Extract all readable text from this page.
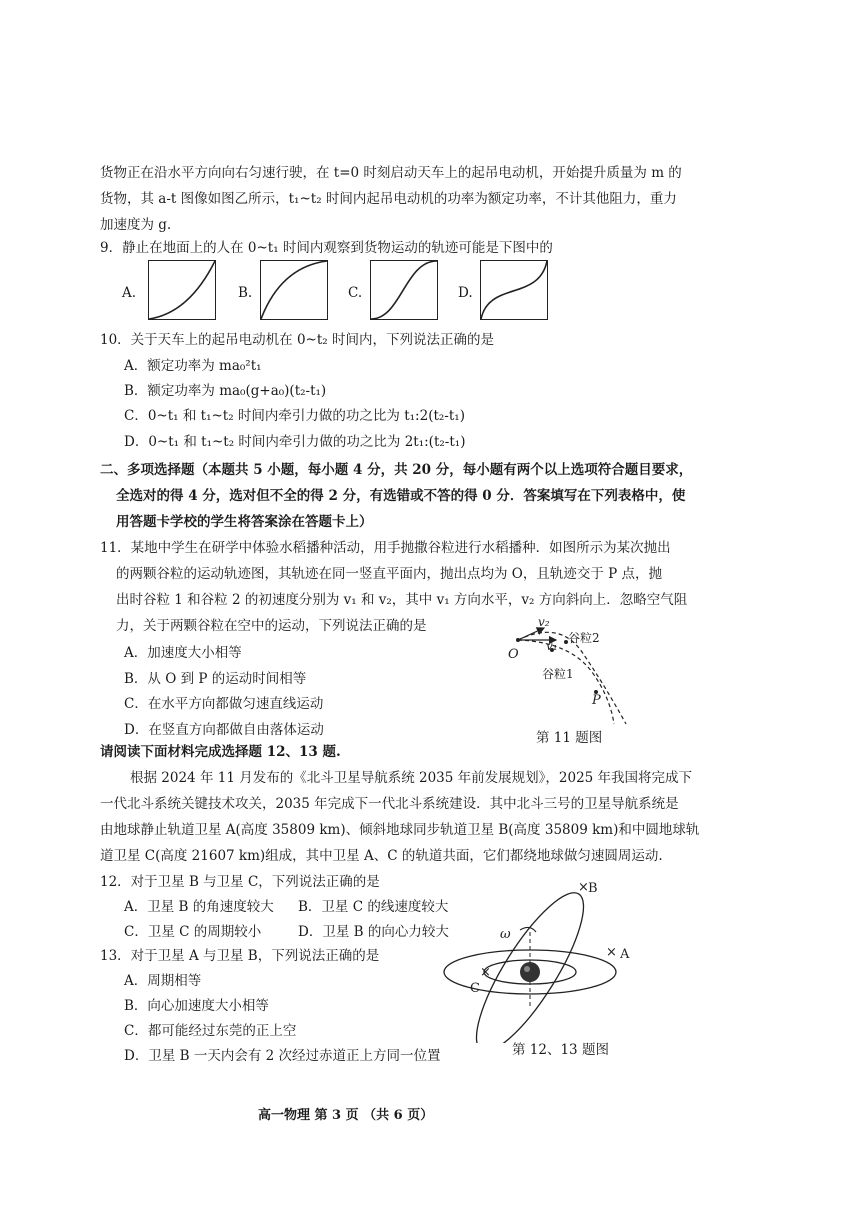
货物正在沿水平方向向右匀速行驶，在 t=0 时刻启动天车上的起吊电动机，开始提升质量为 m 的
货物，其 a-t 图像如图乙所示，t₁~t₂ 时间内起吊电动机的功率为额定功率，不计其他阻力，重力
加速度为 g.
9．静止在地面上的人在 0~t₁ 时间内观察到货物运动的轨迹可能是下图中的
A.	B.	C.	D.
10．关于天车上的起吊电动机在 0~t₂ 时间内，下列说法正确的是
A．额定功率为 ma₀²t₁
B．额定功率为 ma₀(g+a₀)(t₂-t₁)
C．0~t₁ 和 t₁~t₂ 时间内牵引力做的功之比为 t₁:2(t₂-t₁)
D．0~t₁ 和 t₁~t₂ 时间内牵引力做的功之比为 2t₁:(t₂-t₁)
二、多项选择题（本题共 5 小题，每小题 4 分，共 20 分，每小题有两个以上选项符合题目要求，
全选对的得 4 分，选对但不全的得 2 分，有选错或不答的得 0 分．答案填写在下列表格中，使
用答题卡学校的学生将答案涂在答题卡上）
11．某地中学生在研学中体验水稻播种活动，用手抛撒谷粒进行水稻播种．如图所示为某次抛出
的两颗谷粒的运动轨迹图，其轨迹在同一竖直平面内，抛出点均为 O，且轨迹交于 P 点，抛
出时谷粒 1 和谷粒 2 的初速度分别为 v₁ 和 v₂，其中 v₁ 方向水平，v₂ 方向斜向上．忽略空气阻
力，关于两颗谷粒在空中的运动，下列说法正确的是
A．加速度大小相等
B．从 O 到 P 的运动时间相等
C．在水平方向都做匀速直线运动
D．在竖直方向都做自由落体运动
v₂
v₁
O
谷粒2
谷粒1
P
第 11 题图
请阅读下面材料完成选择题 12、13 题.
根据 2024 年 11 月发布的《北斗卫星导航系统 2035 年前发展规划》，2025 年我国将完成下
一代北斗系统关键技术攻关，2035 年完成下一代北斗系统建设．其中北斗三号的卫星导航系统是
由地球静止轨道卫星 A(高度 35809 km)、倾斜地球同步轨道卫星 B(高度 35809 km)和中圆地球轨
道卫星 C(高度 21607 km)组成，其中卫星 A、C 的轨道共面，它们都绕地球做匀速圆周运动.
12．对于卫星 B 与卫星 C，下列说法正确的是
A．卫星 B 的角速度较大 B．卫星 C 的线速度较大
C．卫星 C 的周期较小	D．卫星 B 的向心力较大
13．对于卫星 A 与卫星 B，下列说法正确的是
A．周期相等
B．向心加速度大小相等
C．都可能经过东莞的正上空
D．卫星 B 一天内会有 2 次经过赤道正上方同一位置
×
×
×
B
A
C
ω
第 12、13 题图
高一物理 第 3 页 （共 6 页）
